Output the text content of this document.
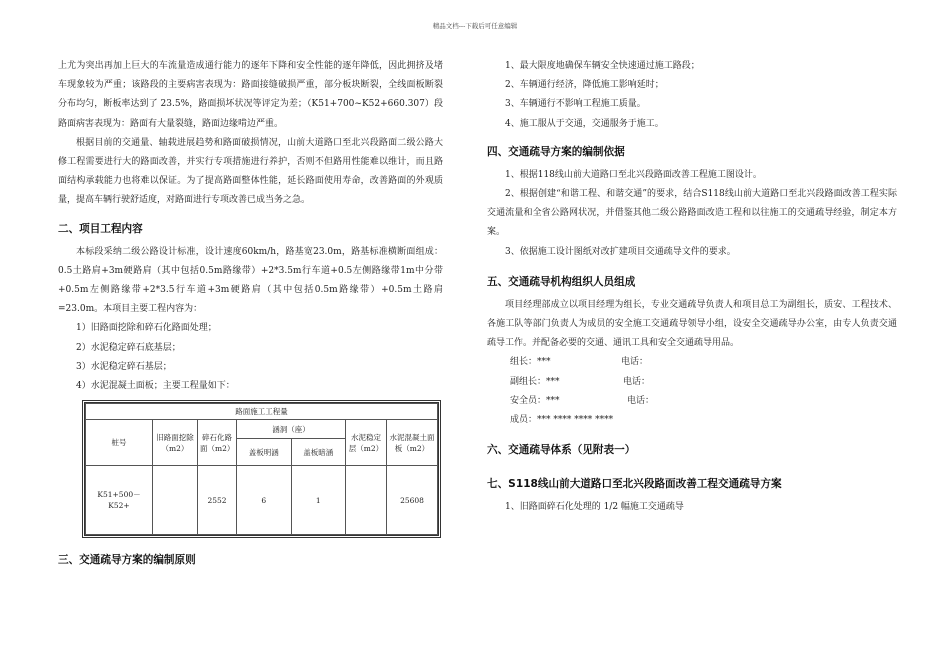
精品文档---下载后可任意编辑

上尤为突出再加上巨大的车流量造成通行能力的逐年下降和安全性能的逐年降低，因此拥挤及堵车现象较为严重；该路段的主要病害表现为：路面接缝破损严重，部分板块断裂，全线面板断裂分布均匀，断板率达到了 23.5%，路面损坏状况等评定为差；（K51+700~K52+660.307）段路面病害表现为：路面有大量裂缝，路面边缘啃边严重。

根据目前的交通量、轴载进展趋势和路面破损情况，山前大道路口至北兴段路面二级公路大修工程需要进行大的路面改善，并实行专项措施进行养护，否则不但路用性能难以维计，而且路面结构承载能力也将难以保证。为了提高路面整体性能，延长路面使用寿命，改善路面的外观质量，提高车辆行驶舒适度，对路面进行专项改善已成当务之急。

二、项目工程内容

本标段采纳二级公路设计标准，设计速度60km/h，路基宽23.0m，路基标准横断面组成：0.5土路肩+3m硬路肩（其中包括0.5m路缘带）+2*3.5m行车道+0.5左侧路缘带1m中分带+0.5m左侧路缘带+2*3.5行车道+3m硬路肩（其中包括0.5m路缘带）+0.5m土路肩=23.0m。本项目主要工程内容为：

1）旧路面挖除和碎石化路面处理；
2）水泥稳定碎石底基层；
3）水泥稳定碎石基层；
4）水泥混凝土面板；主要工程量如下：
路面施工工程量						
桩号	旧路面挖除（m2）	碎石化路面（m2）	涵洞（座）		水泥稳定层（m2）	水泥混凝土面板（m2）
			盖板明涵	盖板暗涵		
K51+500－K52+		2552	6	1		25608
三、交通疏导方案的编制原则
1、最大限度地确保车辆安全快速通过施工路段；
2、车辆通行经济，降低施工影响延时；
3、车辆通行不影响工程施工质量。
4、施工服从于交通，交通服务于施工。
四、交通疏导方案的编制依据

1、根据118线山前大道路口至北兴段路面改善工程施工图设计。

2、根据创建“和谐工程、和谐交通”的要求，结合S118线山前大道路口至北兴段路面改善工程实际交通流量和全省公路网状况，并借鉴其他二级公路路面改造工程和以往施工的交通疏导经验，制定本方案。

3、依据施工设计图纸对改扩建项目交通疏导文件的要求。

五、交通疏导机构组织人员组成

项目经理部成立以项目经理为组长，专业交通疏导负责人和项目总工为副组长，质安、工程技术、各施工队等部门负责人为成员的安全施工交通疏导领导小组，设安全交通疏导办公室，由专人负责交通疏导工作。并配备必要的交通、通讯工具和安全交通疏导用品。

组长：***	电话：
副组长：***	电话：
安全员：***	电话：
成员：*** **** **** ****
六、交通疏导体系（见附表一）
七、S118线山前大道路口至北兴段路面改善工程交通疏导方案

1、旧路面碎石化处理的 1/2 幅施工交通疏导
